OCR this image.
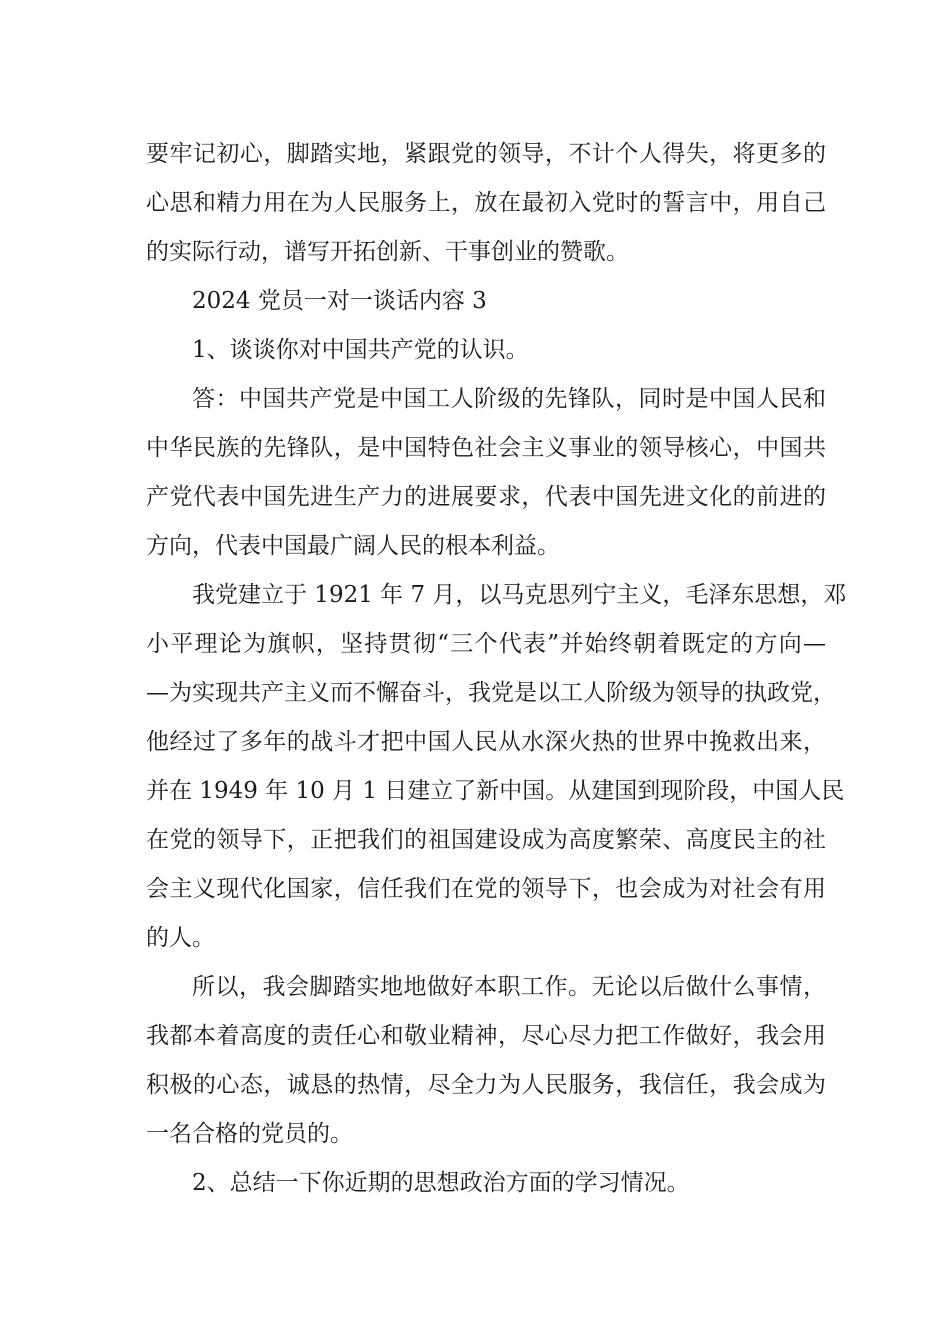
要牢记初心，脚踏实地，紧跟党的领导，不计个人得失，将更多的
心思和精力用在为人民服务上，放在最初入党时的誓言中，用自己
的实际行动，谱写开拓创新、干事创业的赞歌。
2024 党员一对一谈话内容 3
1、谈谈你对中国共产党的认识。
答：中国共产党是中国工人阶级的先锋队，同时是中国人民和
中华民族的先锋队，是中国特色社会主义事业的领导核心，中国共
产党代表中国先进生产力的进展要求，代表中国先进文化的前进的
方向，代表中国最广阔人民的根本利益。
我党建立于 1921 年 7 月，以马克思列宁主义，毛泽东思想，邓
小平理论为旗帜，坚持贯彻“三个代表”并始终朝着既定的方向—
—为实现共产主义而不懈奋斗，我党是以工人阶级为领导的执政党，
他经过了多年的战斗才把中国人民从水深火热的世界中挽救出来，
并在 1949 年 10 月 1 日建立了新中国。从建国到现阶段，中国人民
在党的领导下，正把我们的祖国建设成为高度繁荣、高度民主的社
会主义现代化国家，信任我们在党的领导下，也会成为对社会有用
的人。
所以，我会脚踏实地地做好本职工作。无论以后做什么事情，
我都本着高度的责任心和敬业精神，尽心尽力把工作做好，我会用
积极的心态，诚恳的热情，尽全力为人民服务，我信任，我会成为
一名合格的党员的。
2、总结一下你近期的思想政治方面的学习情况。
